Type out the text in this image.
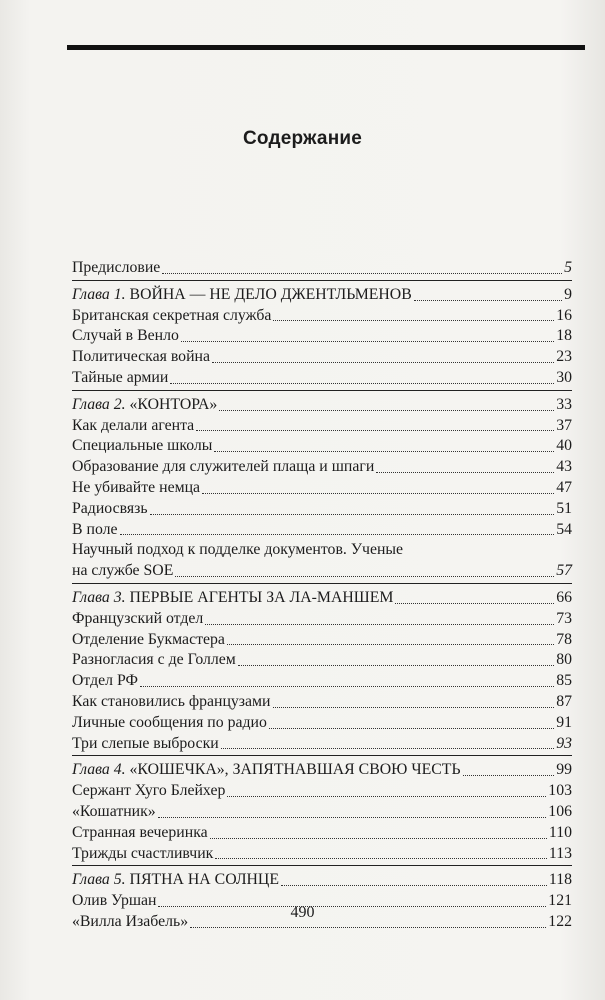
Содержание
Предисловие	5
Глава 1. ВОЙНА — НЕ ДЕЛО ДЖЕНТЛЬМЕНОВ	9
Британская секретная служба	16
Случай в Венло	18
Политическая война	23
Тайные армии	30
Глава 2. «КОНТОРА»	33
Как делали агента	37
Специальные школы	40
Образование для служителей плаща и шпаги	43
Не убивайте немца	47
Радиосвязь	51
В поле	54
Научный подход к подделке документов. Ученые
на службе SOE	57
Глава 3. ПЕРВЫЕ АГЕНТЫ ЗА ЛА-МАНШЕМ	66
Французский отдел	73
Отделение Букмастера	78
Разногласия с де Голлем	80
Отдел РФ	85
Как становились французами	87
Личные сообщения по радио	91
Три слепые выброски	93
Глава 4. «КОШЕЧКА», ЗАПЯТНАВШАЯ СВОЮ ЧЕСТЬ	99
Сержант Хуго Блейхер	103
«Кошатник»	106
Странная вечеринка	110
Трижды счастливчик	113
Глава 5. ПЯТНА НА СОЛНЦЕ	118
Олив Уршан	121
«Вилла Изабель»	122
490
